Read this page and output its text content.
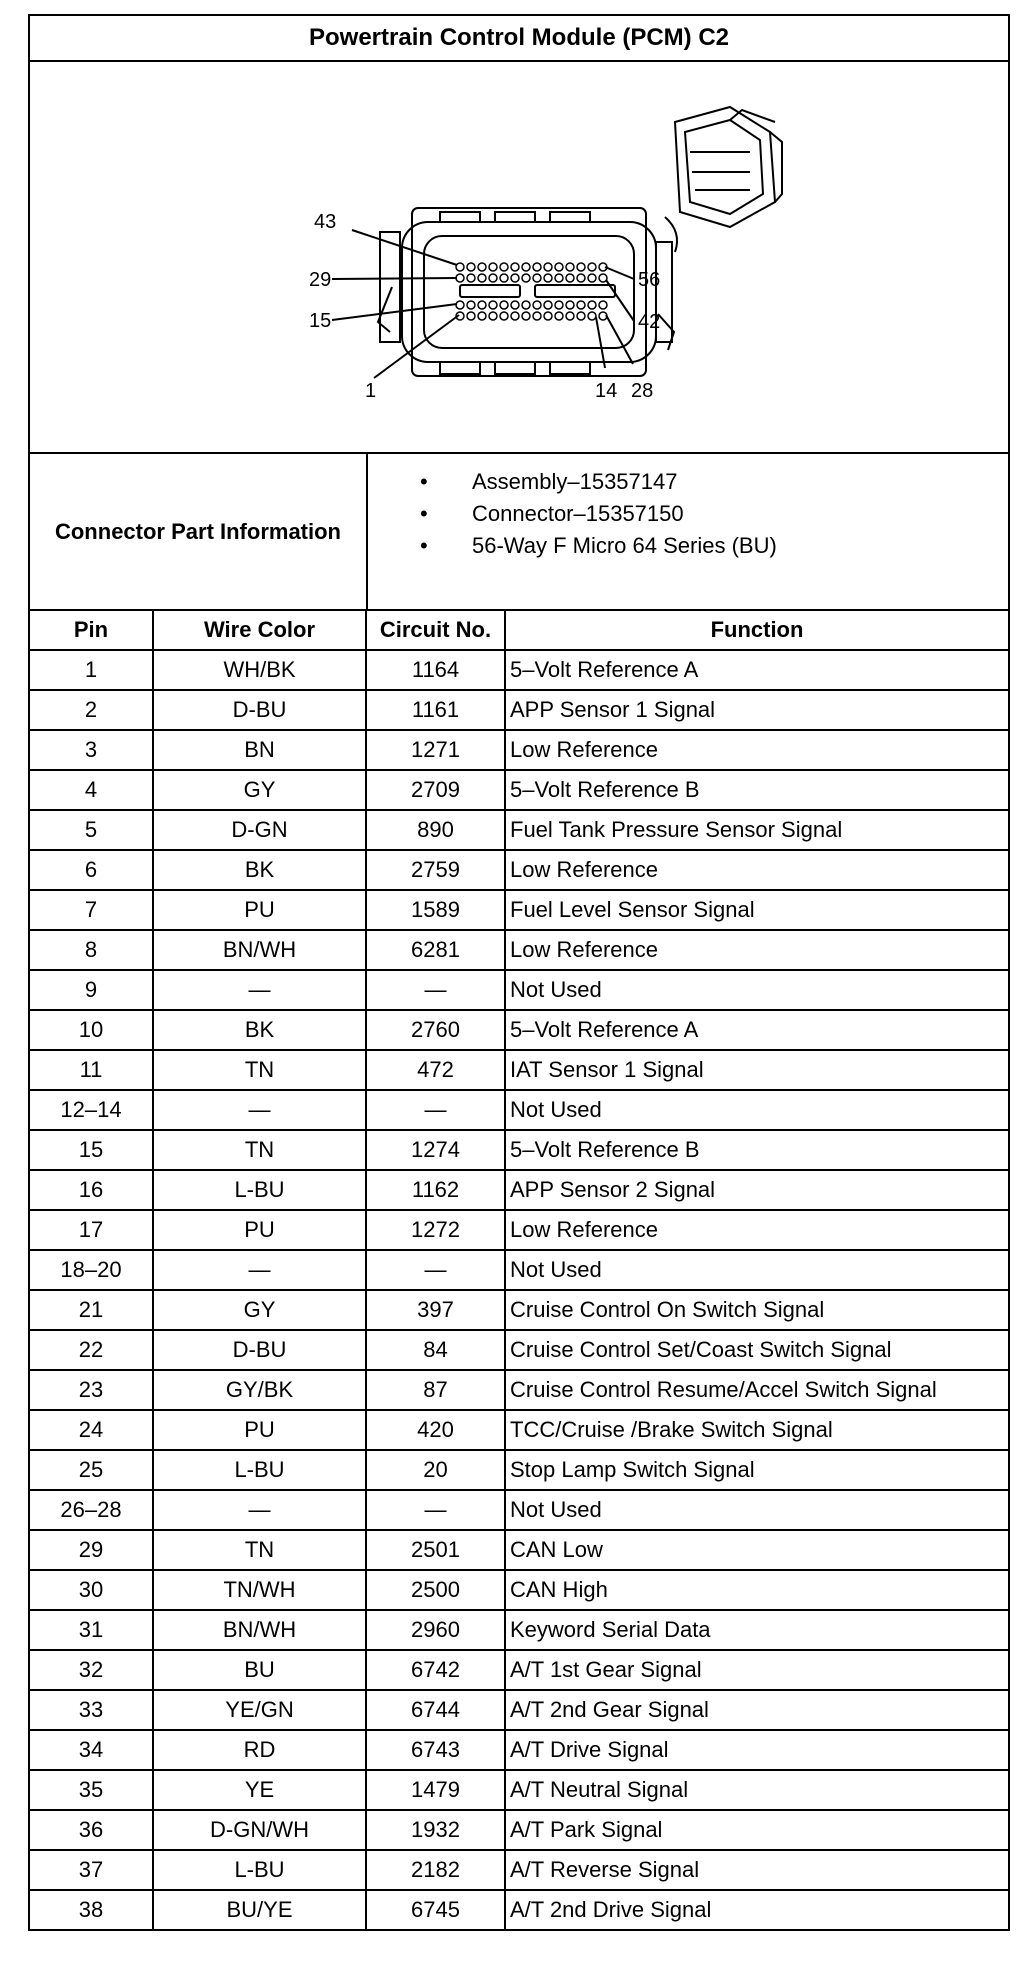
Powertrain Control Module (PCM) C2
43
29
15
1	14 28
56
42
Connector Part Information
• Assembly–15357147
• Connector–15357150
• 56-Way F Micro 64 Series (BU)
Pin	Wire Color	Circuit No.	Function
1	WH/BK	1164	5–Volt Reference A
2	D-BU	1161	APP Sensor 1 Signal
3	BN	1271	Low Reference
4	GY	2709	5–Volt Reference B
5	D-GN	890	Fuel Tank Pressure Sensor Signal
6	BK	2759	Low Reference
7	PU	1589	Fuel Level Sensor Signal
8	BN/WH	6281	Low Reference
9	—	—	Not Used
10	BK	2760	5–Volt Reference A
11	TN	472	IAT Sensor 1 Signal
12–14	—	—	Not Used
15	TN	1274	5–Volt Reference B
16	L-BU	1162	APP Sensor 2 Signal
17	PU	1272	Low Reference
18–20	—	—	Not Used
21	GY	397	Cruise Control On Switch Signal
22	D-BU	84	Cruise Control Set/Coast Switch Signal
23	GY/BK	87	Cruise Control Resume/Accel Switch Signal
24	PU	420	TCC/Cruise /Brake Switch Signal
25	L-BU	20	Stop Lamp Switch Signal
26–28	—	—	Not Used
29	TN	2501	CAN Low
30	TN/WH	2500	CAN High
31	BN/WH	2960	Keyword Serial Data
32	BU	6742	A/T 1st Gear Signal
33	YE/GN	6744	A/T 2nd Gear Signal
34	RD	6743	A/T Drive Signal
35	YE	1479	A/T Neutral Signal
36	D-GN/WH	1932	A/T Park Signal
37	L-BU	2182	A/T Reverse Signal
38	BU/YE	6745	A/T 2nd Drive Signal
